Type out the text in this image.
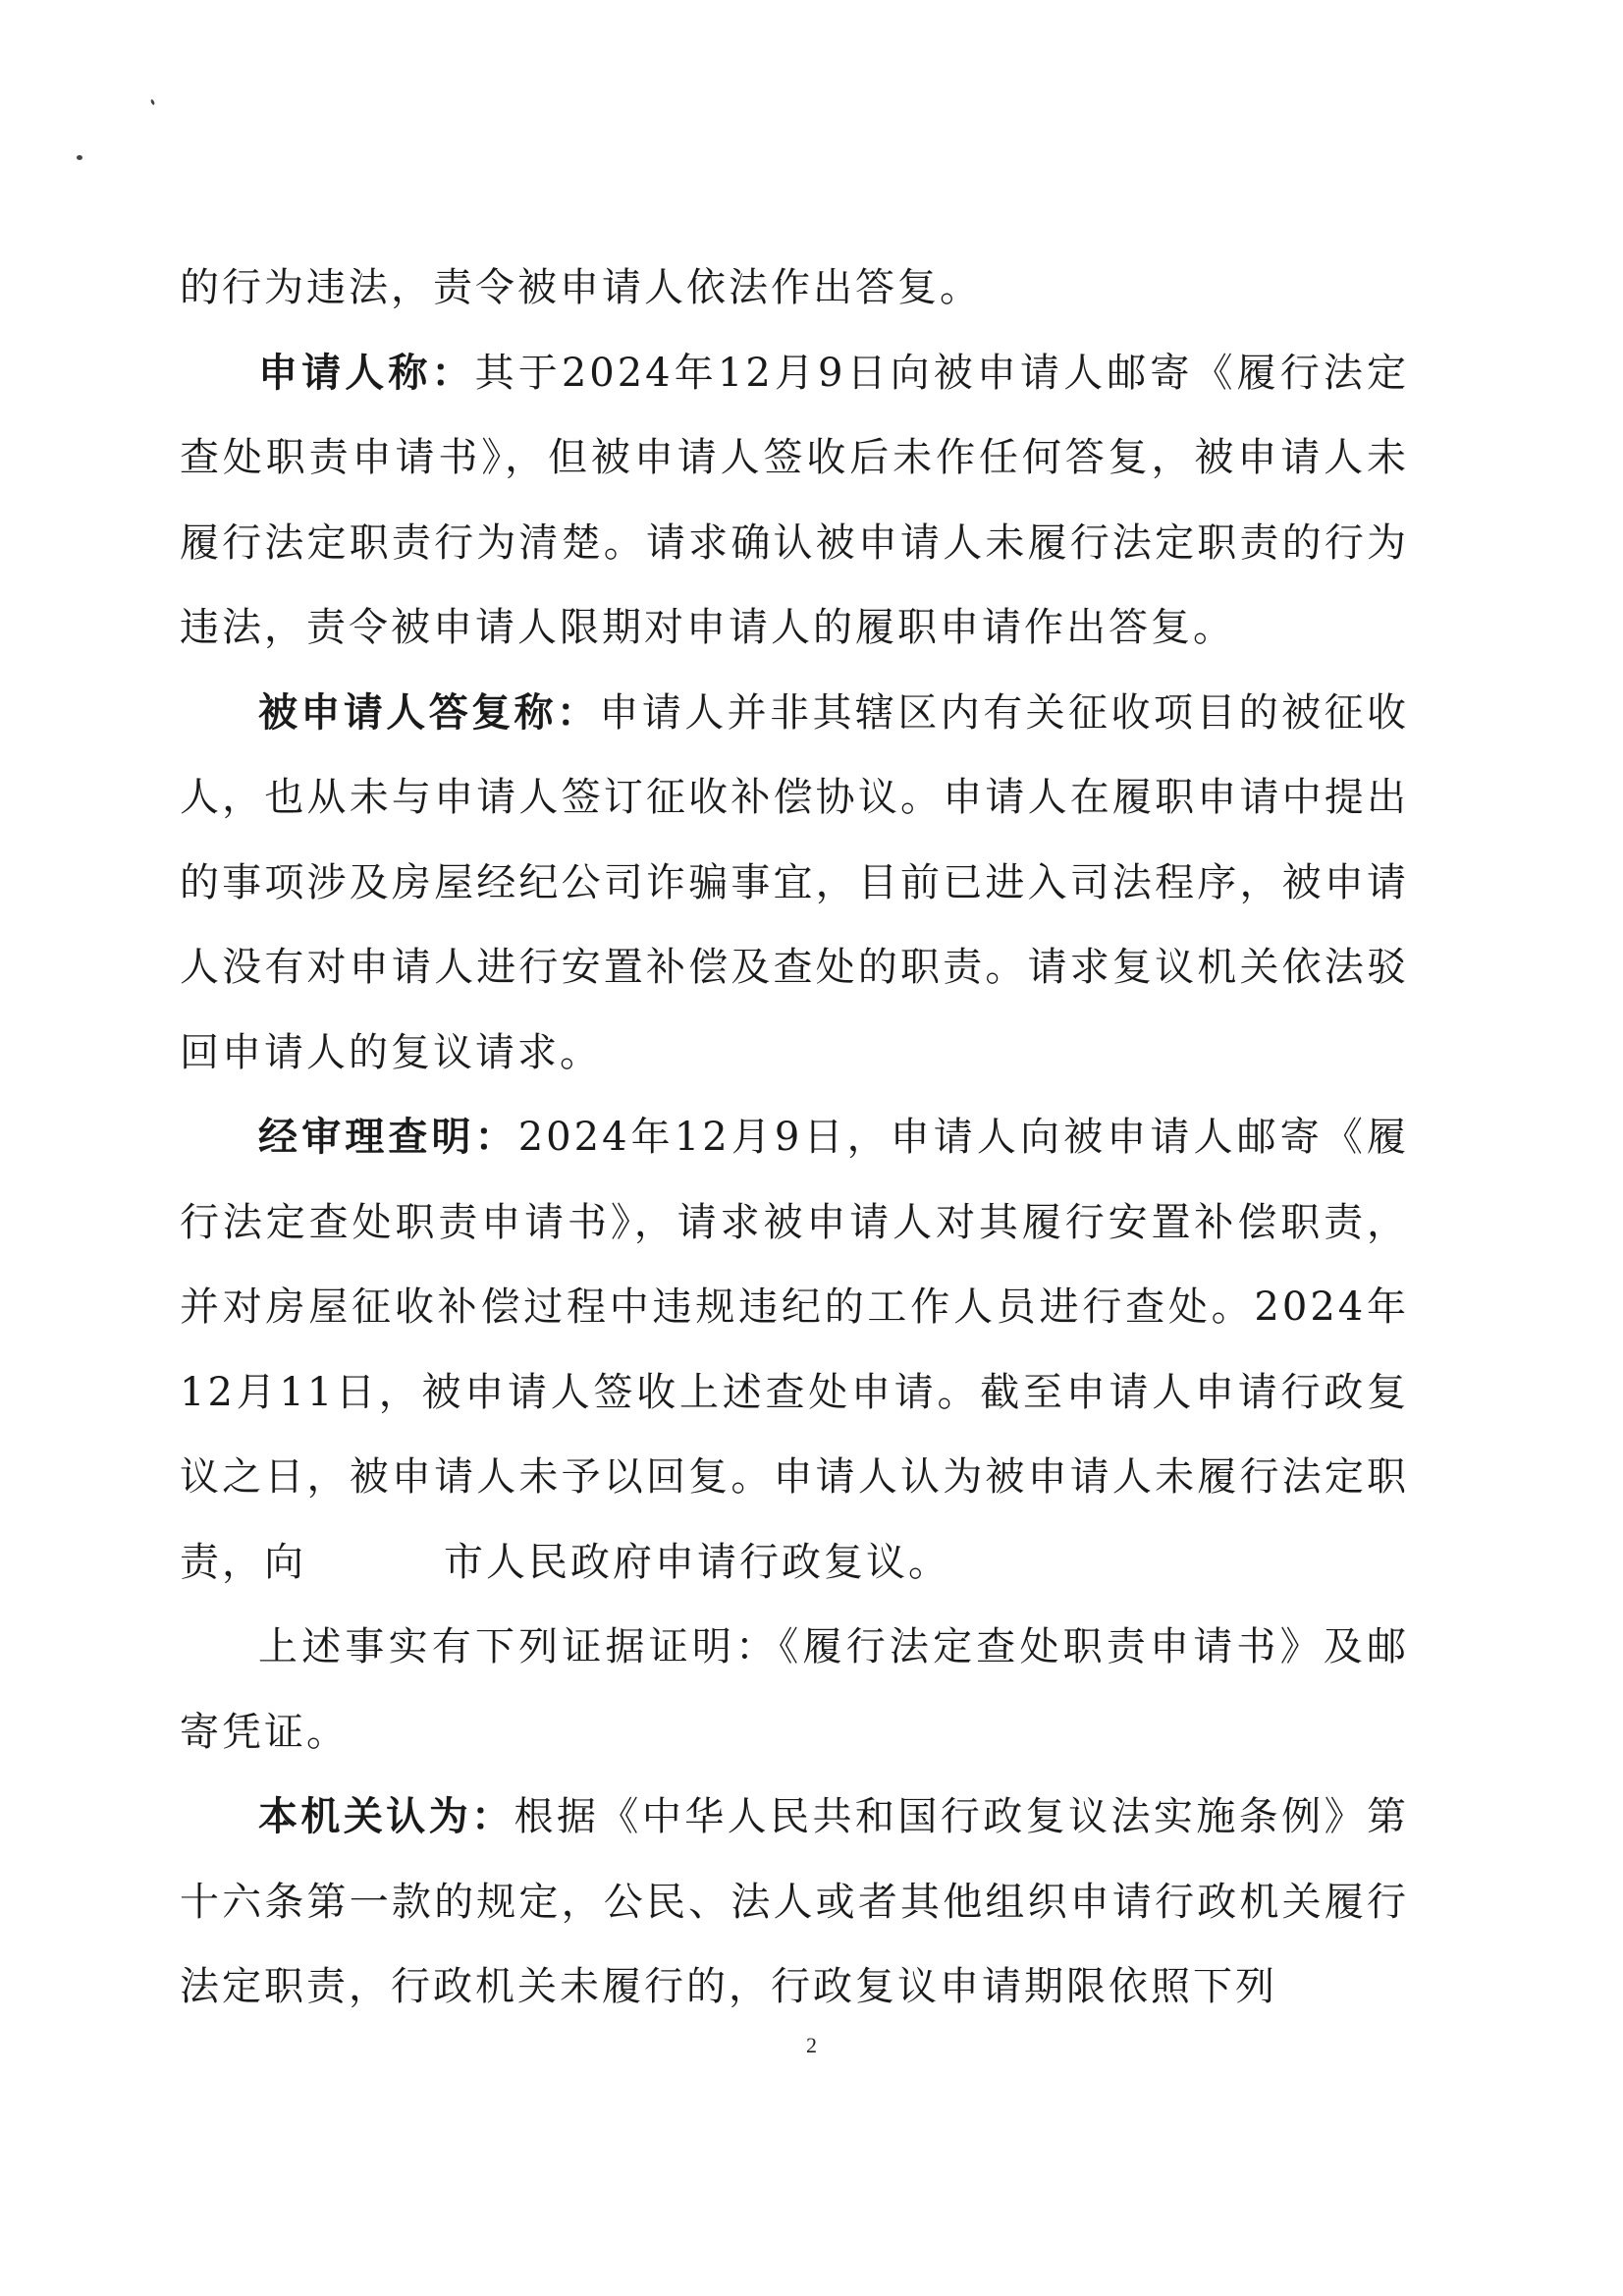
的行为违法，责令被申请人依法作出答复。

申请人称：其于2024年12月9日向被申请人邮寄《履行法定查处职责申请书》，但被申请人签收后未作任何答复，被申请人未履行法定职责行为清楚。请求确认被申请人未履行法定职责的行为违法，责令被申请人限期对申请人的履职申请作出答复。

被申请人答复称：申请人并非其辖区内有关征收项目的被征收人，也从未与申请人签订征收补偿协议。申请人在履职申请中提出的事项涉及房屋经纪公司诈骗事宜，目前已进入司法程序，被申请人没有对申请人进行安置补偿及查处的职责。请求复议机关依法驳回申请人的复议请求。

经审理查明：2024年12月9日，申请人向被申请人邮寄《履行法定查处职责申请书》，请求被申请人对其履行安置补偿职责，并对房屋征收补偿过程中违规违纪的工作人员进行查处。2024年12月11日，被申请人签收上述查处申请。截至申请人申请行政复议之日，被申请人未予以回复。申请人认为被申请人未履行法定职责，向	市人民政府申请行政复议。

上述事实有下列证据证明：《履行法定查处职责申请书》及邮寄凭证。

本机关认为：根据《中华人民共和国行政复议法实施条例》第十六条第一款的规定，公民、法人或者其他组织申请行政机关履行法定职责，行政机关未履行的，行政复议申请期限依照下列

2
